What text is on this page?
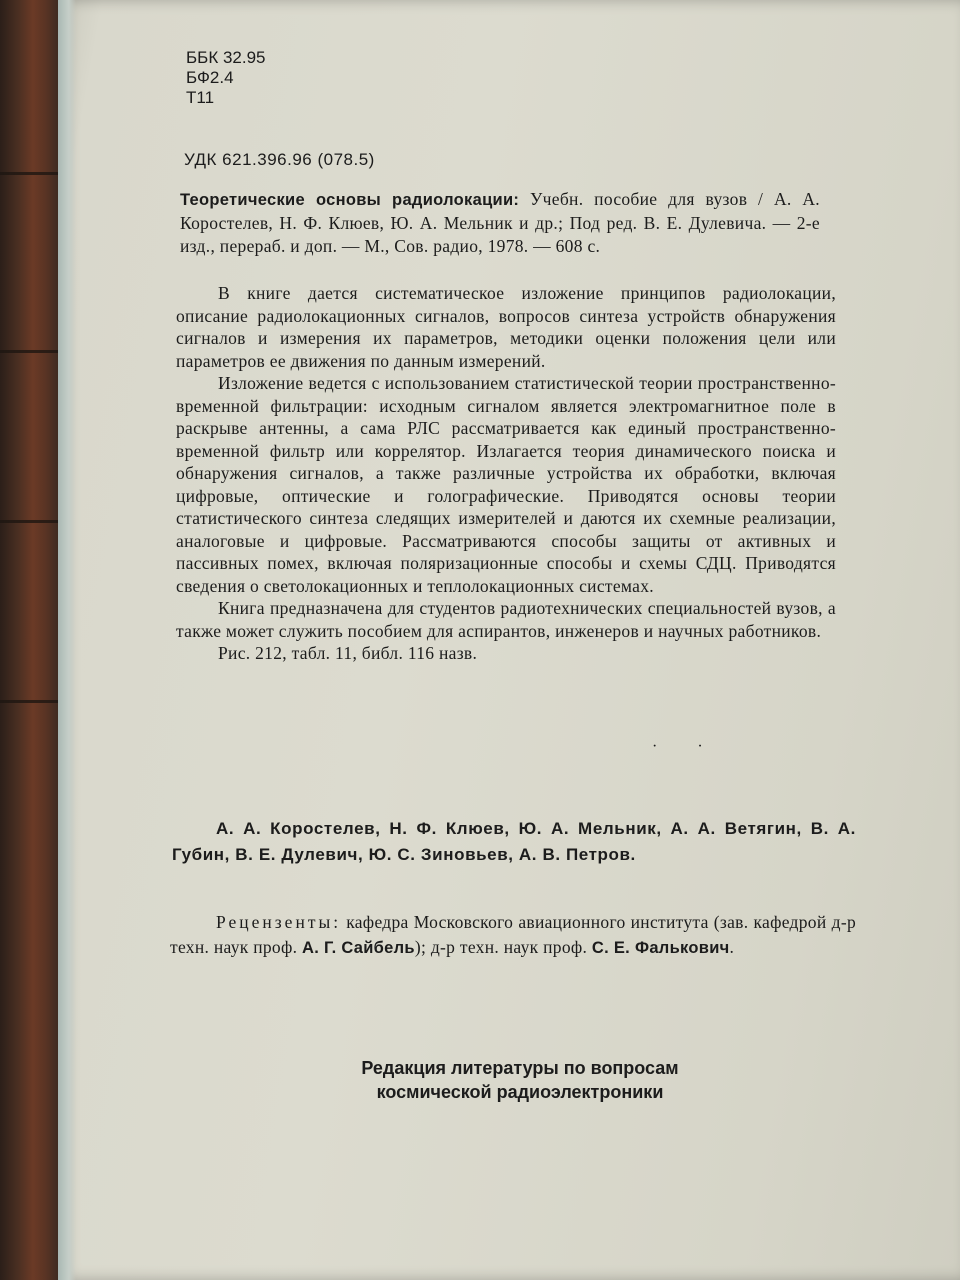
ББК 32.95
БФ2.4
Т11
УДК 621.396.96 (078.5)
Теоретические основы радиолокации: Учебн. пособие для вузов / А. А. Коростелев, Н. Ф. Клюев, Ю. А. Мельник и др.; Под ред. В. Е. Дулевича. — 2-е изд., перераб. и доп. — М., Сов. радио, 1978. — 608 с.

В книге дается систематическое изложение принципов радиолокации, описание радиолокационных сигналов, вопросов синтеза устройств обнаружения сигналов и измерения их параметров, методики оценки положения цели или параметров ее движения по данным измерений.

Изложение ведется с использованием статистической теории пространственно-временной фильтрации: исходным сигналом является электромагнитное поле в раскрыве антенны, а сама РЛС рассматривается как единый пространственно-временной фильтр или коррелятор. Излагается теория динамического поиска и обнаружения сигналов, а также различные устройства их обработки, включая цифровые, оптические и голографические. Приводятся основы теории статистического синтеза следящих измерителей и даются их схемные реализации, аналоговые и цифровые. Рассматриваются способы защиты от активных и пассивных помех, включая поляризационные способы и схемы СДЦ. Приводятся сведения о светолокационных и теплолокационных системах.

Книга предназначена для студентов радиотехнических специальностей вузов, а также может служить пособием для аспирантов, инженеров и научных работников.

Рис. 212, табл. 11, библ. 116 назв.

· ·
А. А. Коростелев, Н. Ф. Клюев, Ю. А. Мельник, А. А. Ветягин, В. А. Губин, В. Е. Дулевич, Ю. С. Зиновьев, А. В. Петров.
Рецензенты: кафедра Московского авиационного института (зав. кафедрой д-р техн. наук проф. А. Г. Сайбель); д-р техн. наук проф. С. Е. Фалькович.
Редакция литературы по вопросам
космической радиоэлектроники
